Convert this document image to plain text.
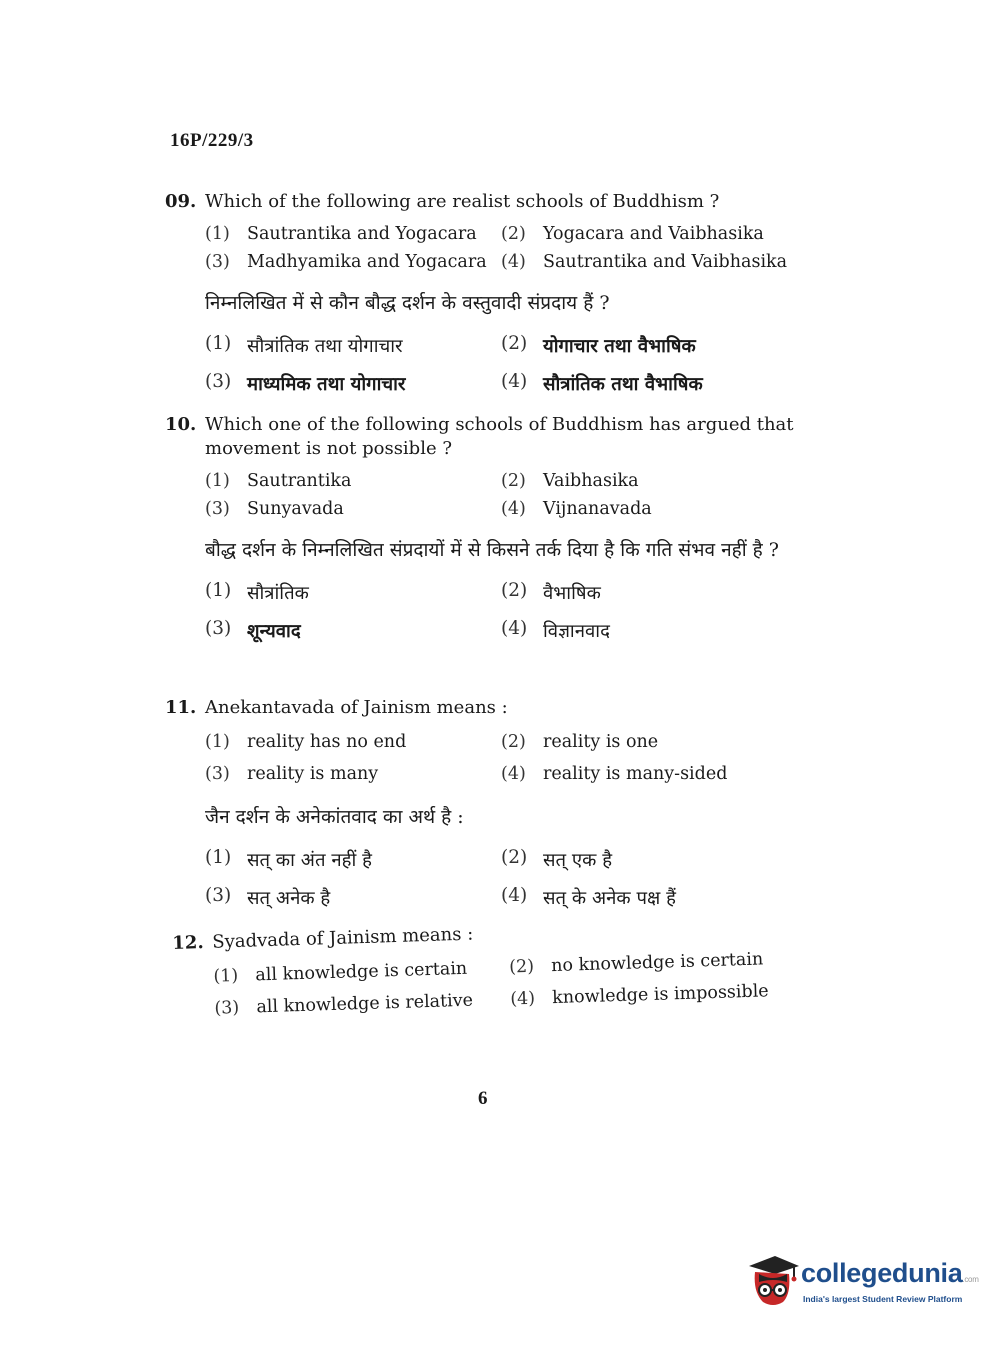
16P/229/3
09. Which of the following are realist schools of Buddhism ?
(1) Sautrantika and Yogacara (2) Yogacara and Vaibhasika
(3) Madhyamika and Yogacara (4) Sautrantika and Vaibhasika
निम्नलिखित में से कौन बौद्ध दर्शन के वस्तुवादी संप्रदाय हैं ?
(1) सौत्रांतिक तथा योगाचार	(2) योगाचार तथा वैभाषिक
(3) माध्यमिक तथा योगाचार	(4) सौत्रांतिक तथा वैभाषिक
10. Which one of the following schools of Buddhism has argued that movement is not possible ?
(1) Sautrantika	(2) Vaibhasika
(3) Sunyavada	(4) Vijnanavada
बौद्ध दर्शन के निम्नलिखित संप्रदायों में से किसने तर्क दिया है कि गति संभव नहीं है ?
(1) सौत्रांतिक	(2) वैभाषिक
(3) शून्यवाद	(4) विज्ञानवाद
11. Anekantavada of Jainism means :
(1) reality has no end	(2) reality is one
(3) reality is many	(4) reality is many-sided
जैन दर्शन के अनेकांतवाद का अर्थ है :
(1) सत् का अंत नहीं है	(2) सत् एक है
(3) सत् अनेक है	(4) सत् के अनेक पक्ष हैं
12. Syadvada of Jainism means :
(1) all knowledge is certain (2) no knowledge is certain
(3) all knowledge is relative (4) knowledge is impossible
6
collegedunia.com
India's largest Student Review Platform
